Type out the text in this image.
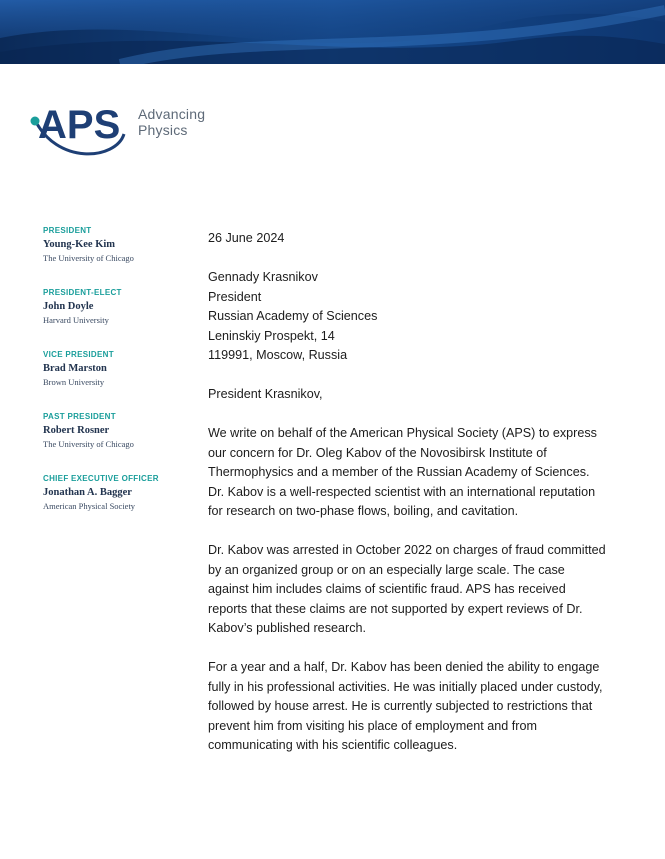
APS Advancing
Physics
PRESIDENT
Young-Kee Kim
The University of Chicago
PRESIDENT-ELECT
John Doyle
Harvard University
VICE PRESIDENT
Brad Marston
Brown University
PAST PRESIDENT
Robert Rosner
The University of Chicago
CHIEF EXECUTIVE OFFICER
Jonathan A. Bagger
American Physical Society

26 June 2024

Gennady Krasnikov
President
Russian Academy of Sciences
Leninskiy Prospekt, 14
119991, Moscow, Russia

President Krasnikov,

We write on behalf of the American Physical Society (APS) to express our concern for Dr. Oleg Kabov of the Novosibirsk Institute of Thermophysics and a member of the Russian Academy of Sciences. Dr. Kabov is a well-respected scientist with an international reputation for research on two-phase flows, boiling, and cavitation.

Dr. Kabov was arrested in October 2022 on charges of fraud committed by an organized group or on an especially large scale. The case against him includes claims of scientific fraud. APS has received reports that these claims are not supported by expert reviews of Dr. Kabov’s published research.

For a year and a half, Dr. Kabov has been denied the ability to engage fully in his professional activities. He was initially placed under custody, followed by house arrest. He is currently subjected to restrictions that prevent him from visiting his place of employment and from communicating with his scientific colleagues.
